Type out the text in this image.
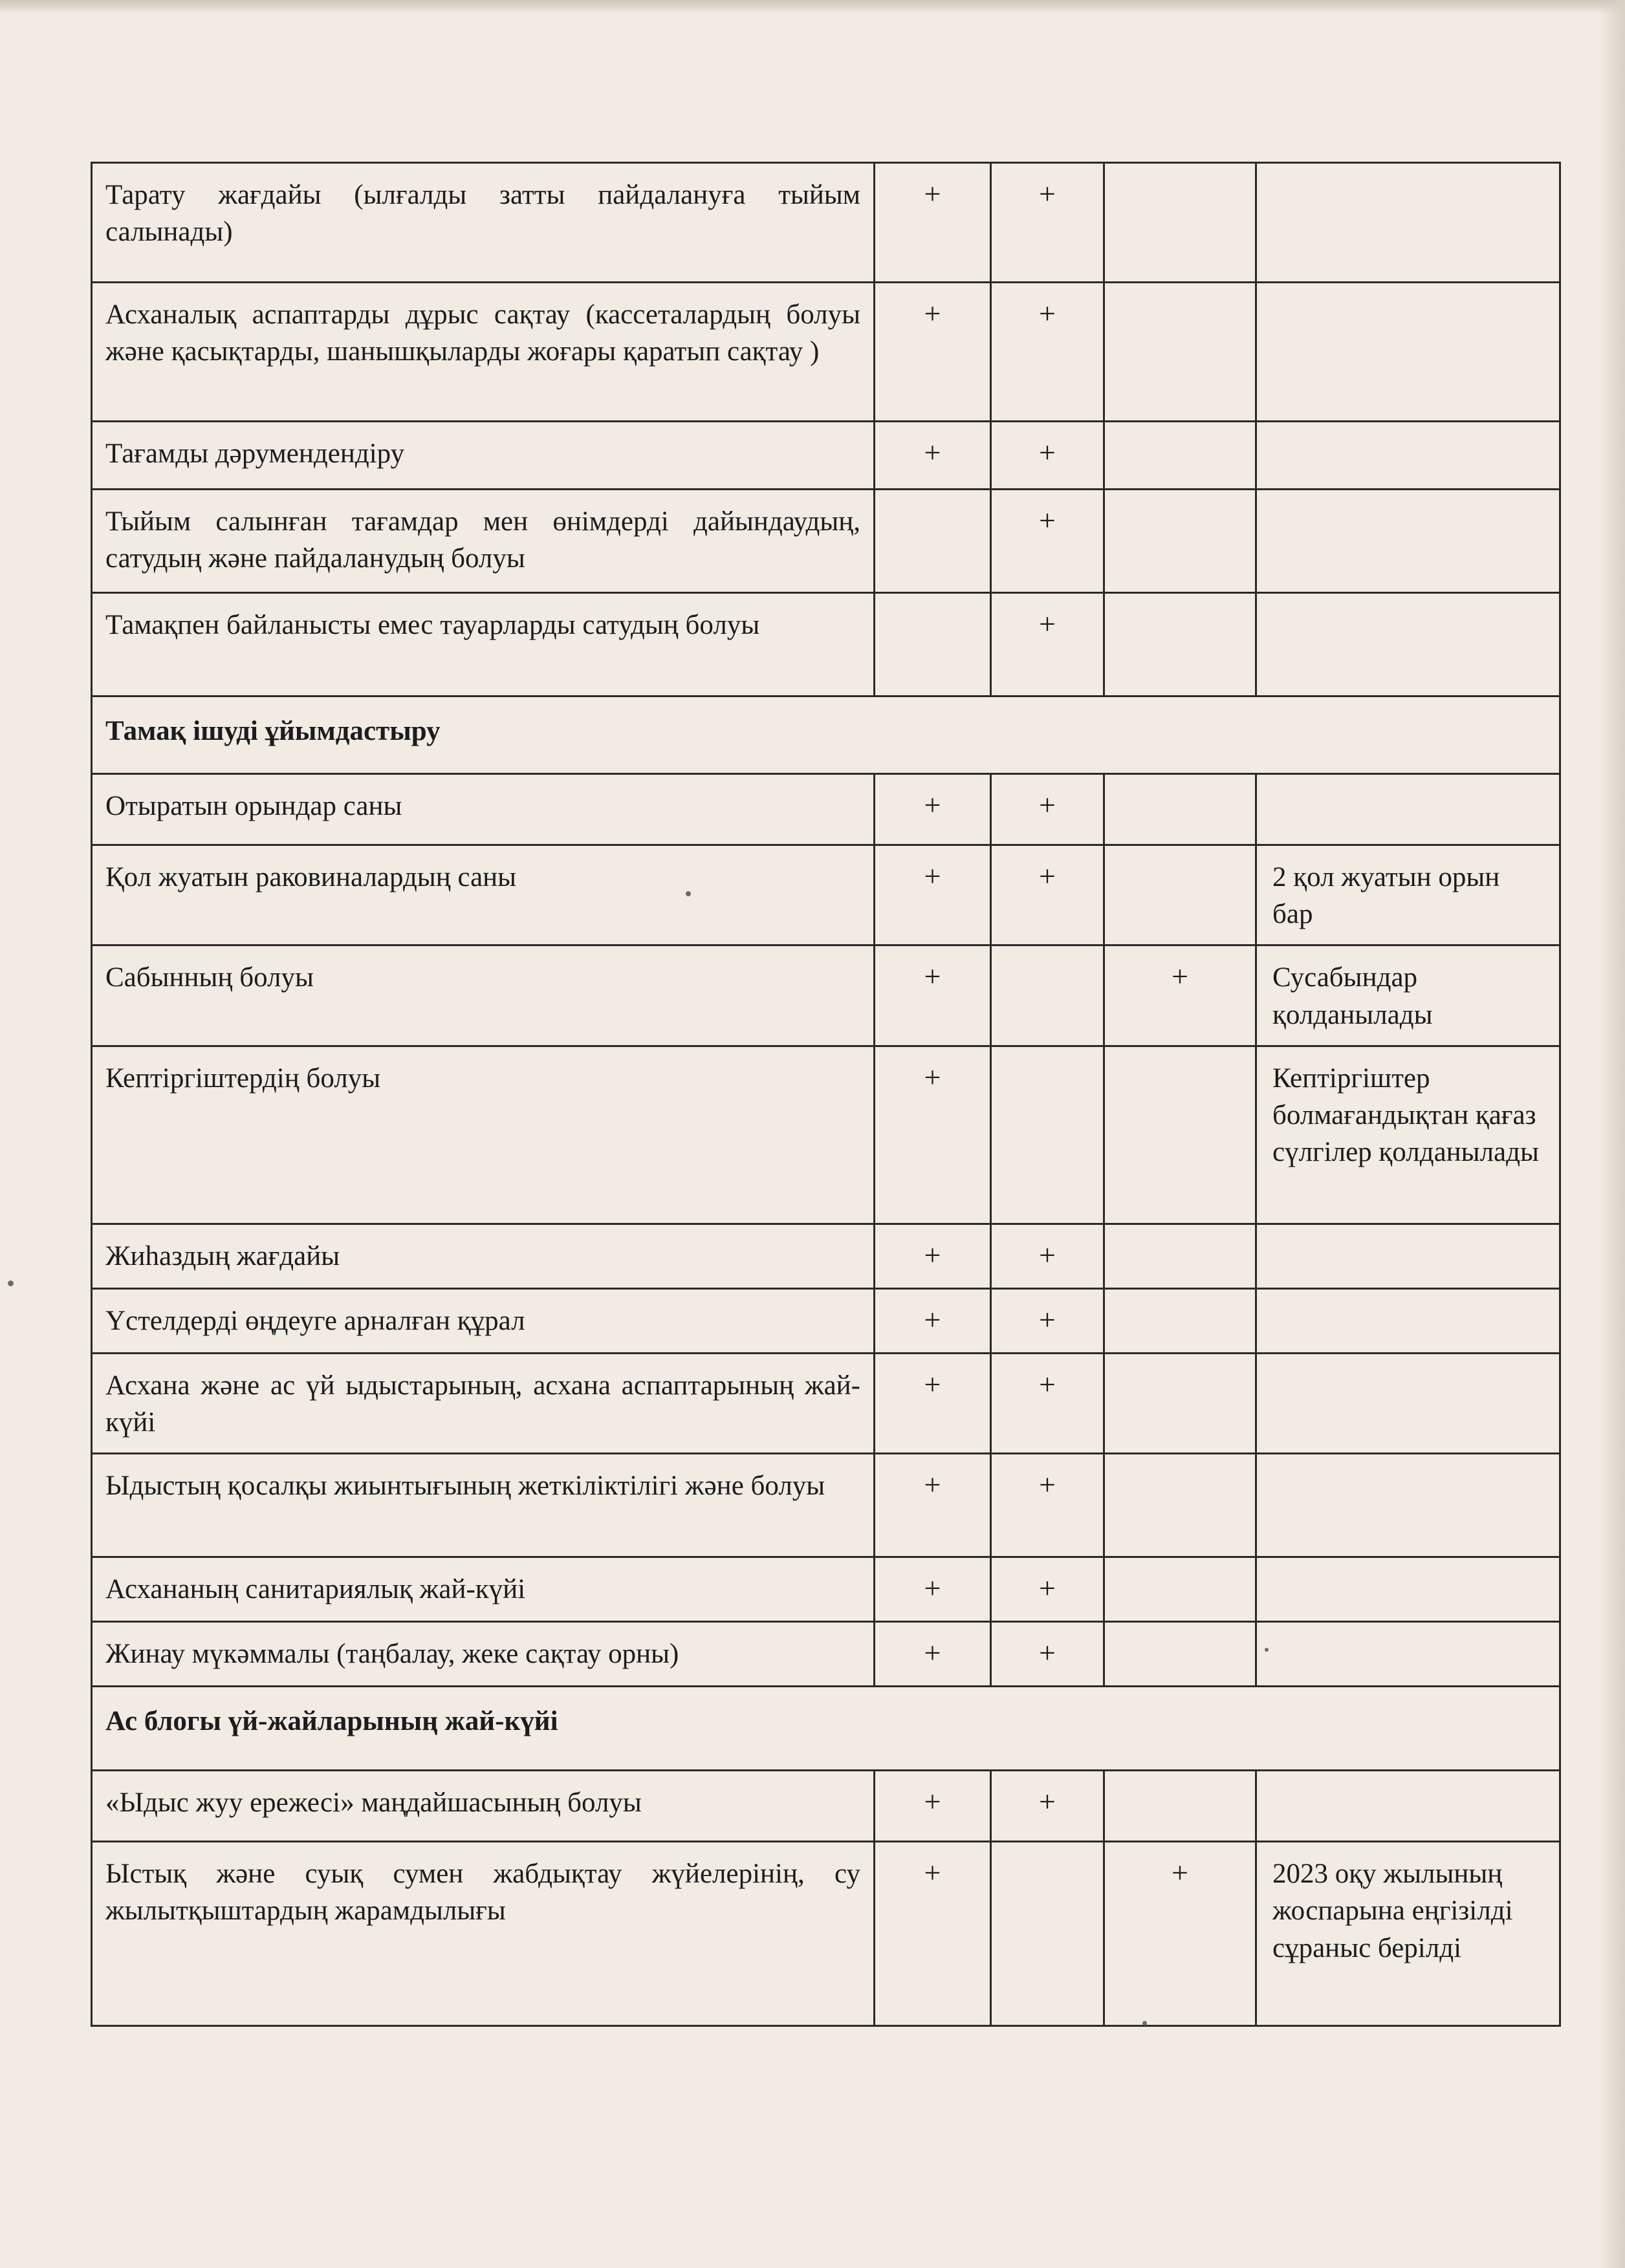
Тарату жағдайы (ылғалды затты пайдалануға тыйым салынады)	+	+		
Асханалық аспаптарды дұрыс сақтау (кассеталардың болуы және қасықтарды, шанышқыларды жоғары қаратып сақтау )	+	+		
Тағамды дәрумендендіру	+	+		
Тыйым салынған тағамдар мен өнімдерді дайындаудың, сатудың және пайдаланудың болуы		+		
Тамақпен байланысты емес тауарларды сатудың болуы		+		
Тамақ ішуді ұйымдастыру				
Отыратын орындар саны	+	+		
Қол жуатын раковиналардың саны	+	+		2 қол жуатын орын бар
Сабынның болуы	+		+	Сусабындар қолданылады
Кептіргіштердің болуы	+			Кептіргіштер болмағандықтан қағаз сүлгілер қолданылады
Жиһаздың жағдайы	+	+		
Үстелдерді өңдеуге арналған құрал	+	+		
Асхана және ас үй ыдыстарының, асхана аспаптарының жай-күйі	+	+		
Ыдыстың қосалқы жиынтығының жеткіліктілігі және болуы	+	+		
Асхананың санитариялық жай-күйі	+	+		
Жинау мүкәммалы (таңбалау, жеке сақтау орны)	+	+		
Ас блогы үй-жайларының жай-күйі				
«Ыдыс жуу ережесі» маңдайшасының болуы	+	+		
Ыстық және суық сумен жабдықтау жүйелерінің, су жылытқыштардың жарамдылығы	+		+	2023 оқу жылының жоспарына еңгізілді сұраныс берілді
